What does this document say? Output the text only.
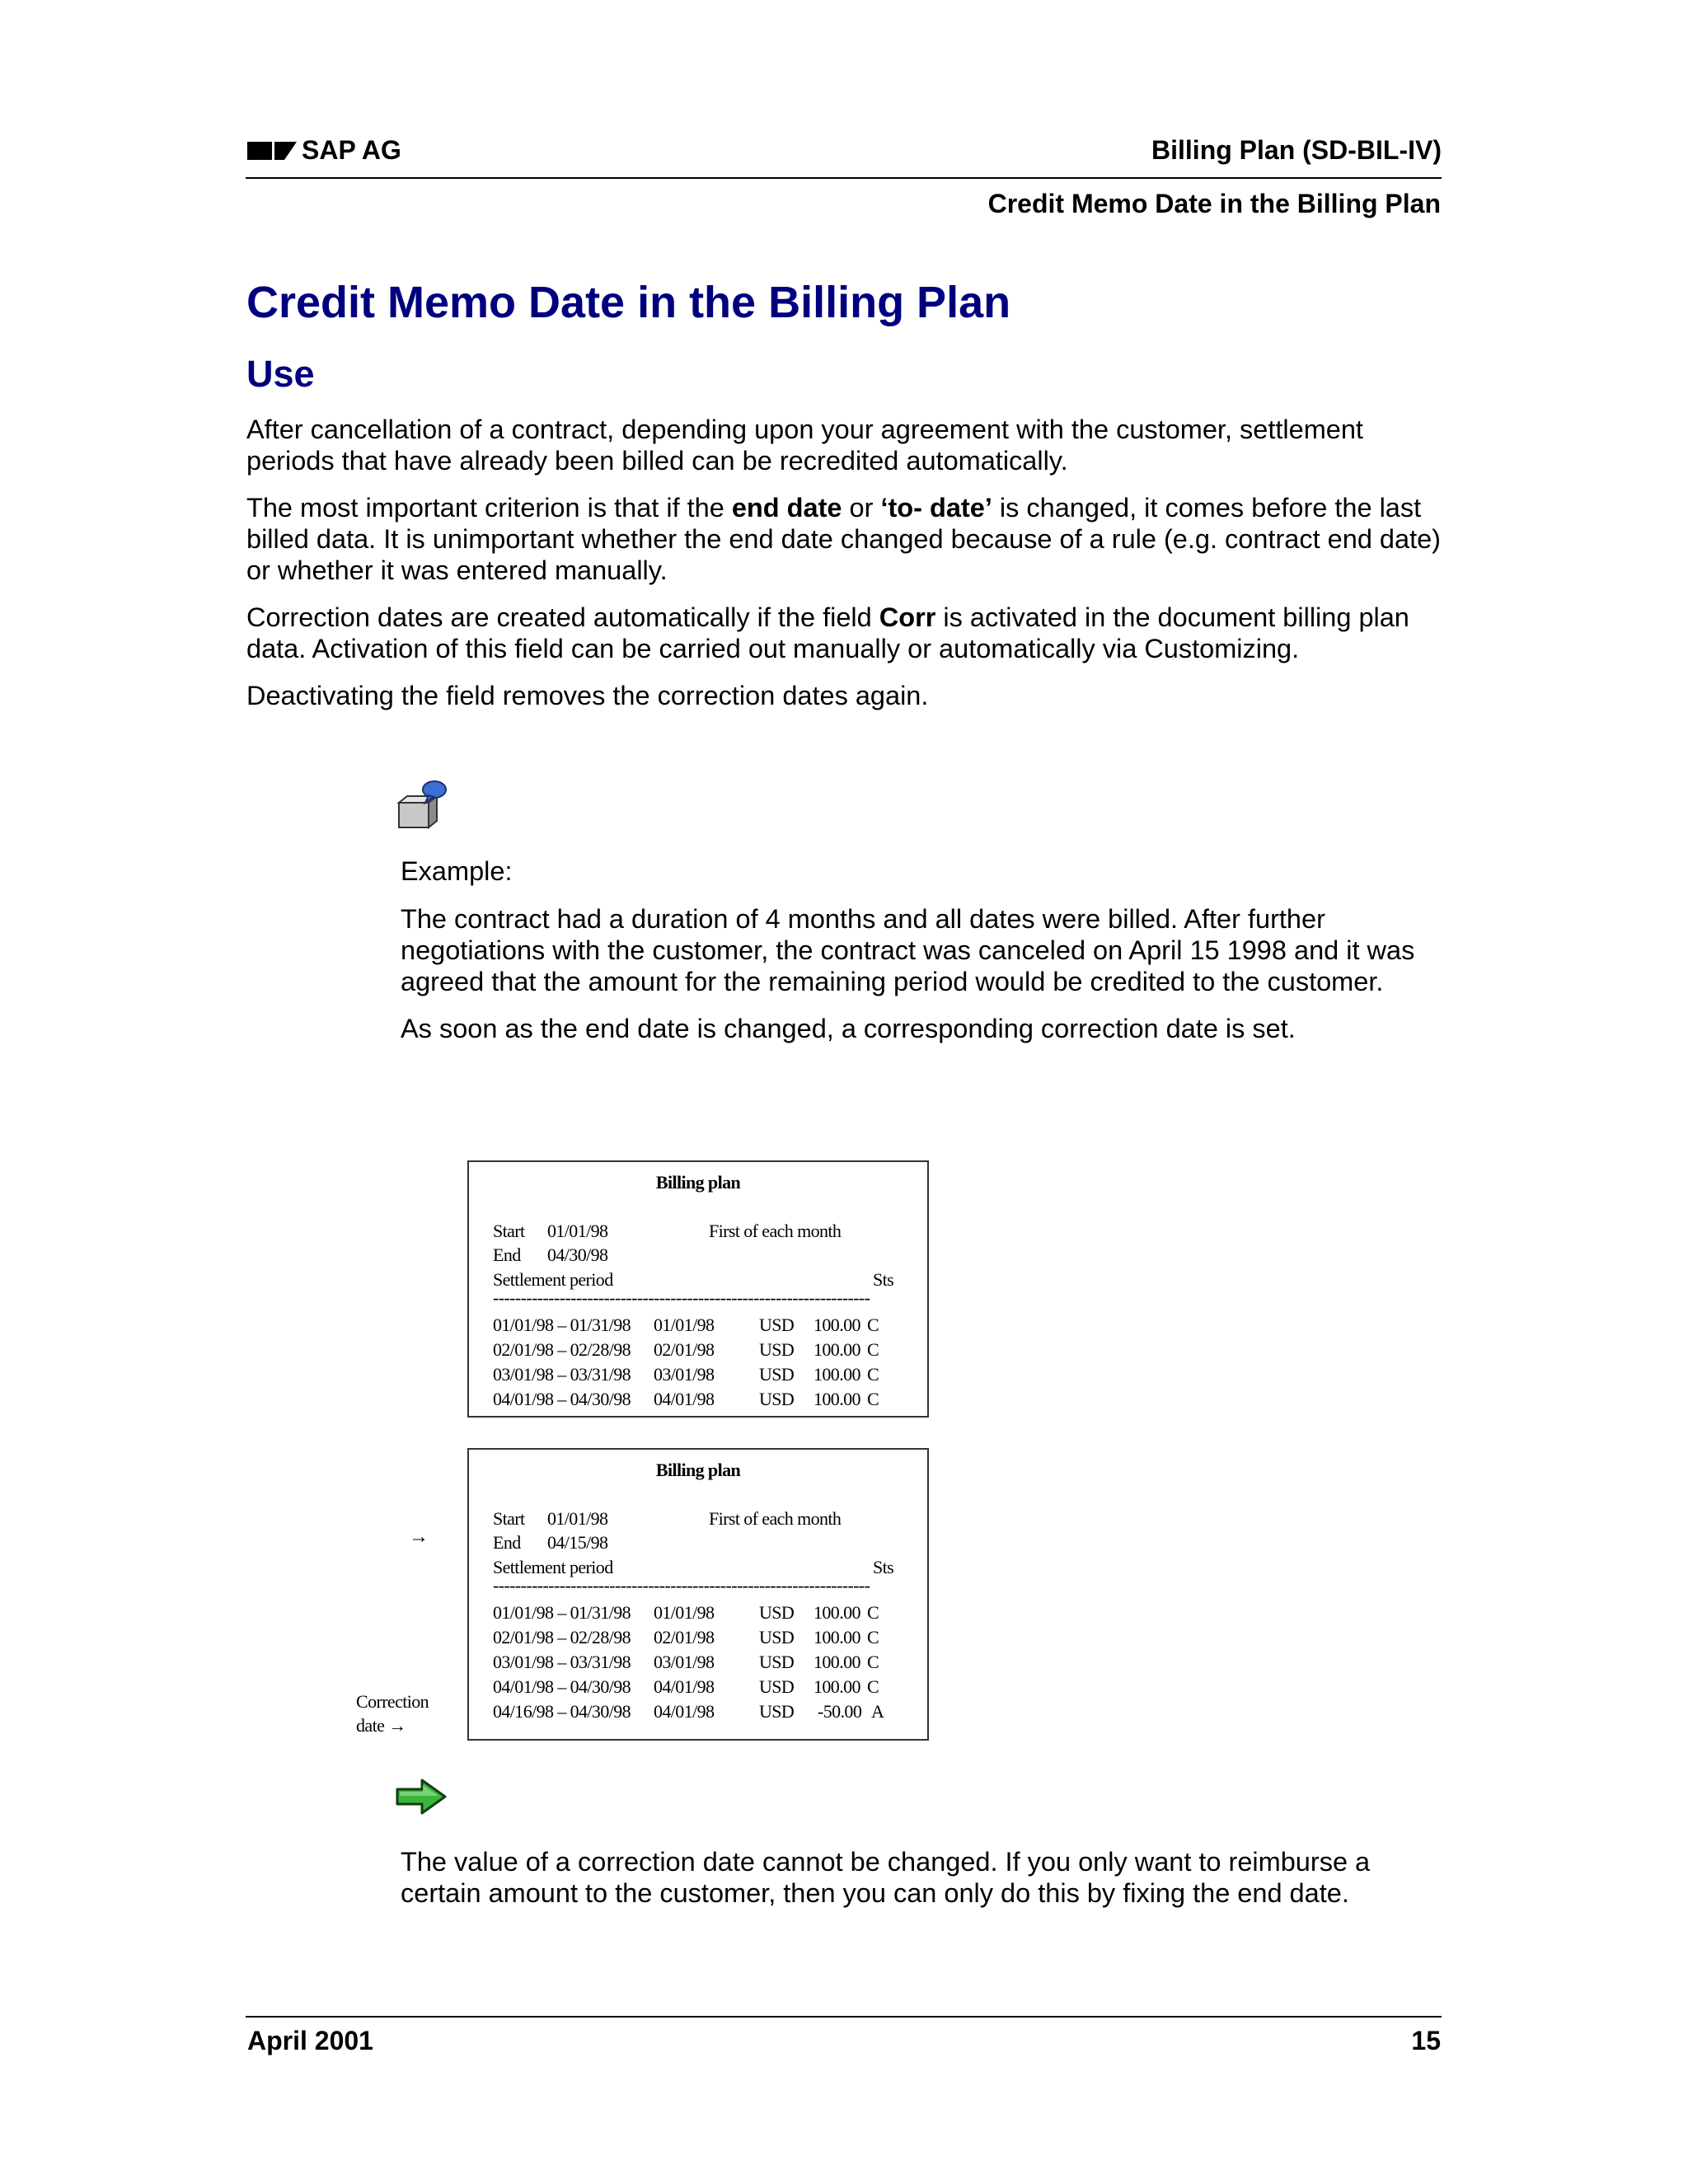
SAP AG	Billing Plan (SD-BIL-IV)
Credit Memo Date in the Billing Plan
Credit Memo Date in the Billing Plan
Use

After cancellation of a contract, depending upon your agreement with the customer, settlement periods that have already been billed can be recredited automatically.

The most important criterion is that if the end date or ‘to- date’ is changed, it comes before the last billed data. It is unimportant whether the end date changed because of a rule (e.g. contract end date) or whether it was entered manually.

Correction dates are created automatically if the field Corr is activated in the document billing plan data. Activation of this field can be carried out manually or automatically via Customizing.

Deactivating the field removes the correction dates again.

Example:

The contract had a duration of 4 months and all dates were billed. After further negotiations with the customer, the contract was canceled on April 15 1998 and it was agreed that the amount for the remaining period would be credited to the customer.

As soon as the end date is changed, a corresponding correction date is set.

Billing plan
Start 01/01/98	First of each month
End 04/30/98
Settlement period	Sts
--------------------------------------------------------------------
01/01/98 – 01/31/98 01/01/98 USD 100.00 C
02/01/98 – 02/28/98 02/01/98 USD 100.00 C
03/01/98 – 03/31/98 03/01/98 USD 100.00 C
04/01/98 – 04/30/98 04/01/98 USD 100.00 C
Billing plan
Start 01/01/98	First of each month
End 04/15/98
Settlement period	Sts
--------------------------------------------------------------------
01/01/98 – 01/31/98 01/01/98 USD 100.00 C
02/01/98 – 02/28/98 02/01/98 USD 100.00 C
03/01/98 – 03/31/98 03/01/98 USD 100.00 C
04/01/98 – 04/30/98 04/01/98 USD 100.00 C
04/16/98 – 04/30/98 04/01/98 USD -50.00 A
→
Correction
date →

The value of a correction date cannot be changed. If you only want to reimburse a certain amount to the customer, then you can only do this by fixing the end date.

April 2001	15
